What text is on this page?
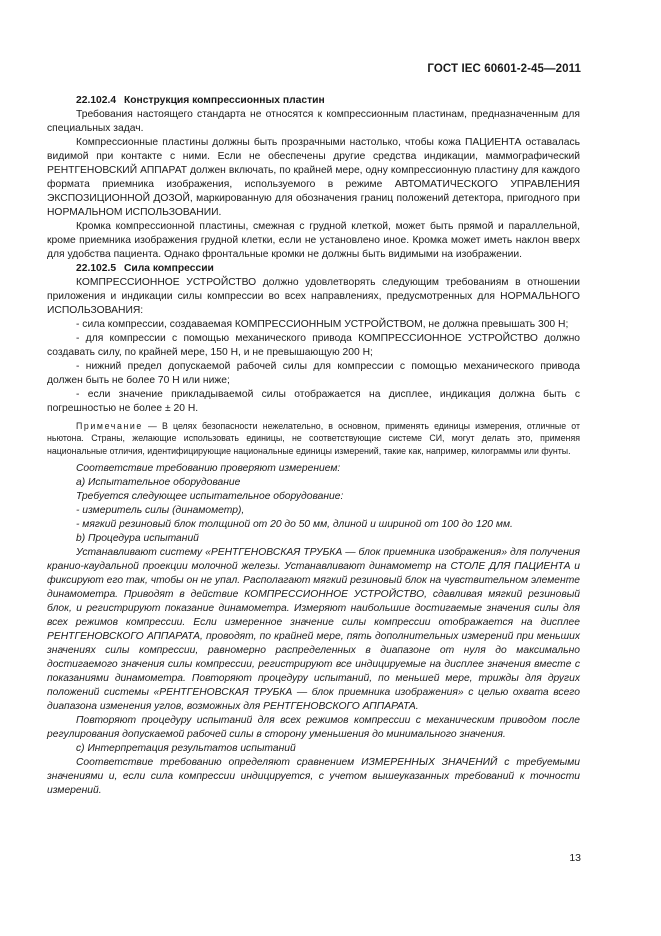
ГОСТ IEC 60601-2-45—2011

22.102.4 Конструкция компрессионных пластин

Требования настоящего стандарта не относятся к компрессионным пластинам, предназначенным для специальных задач.

Компрессионные пластины должны быть прозрачными настолько, чтобы кожа ПАЦИЕНТА оставалась видимой при контакте с ними. Если не обеспечены другие средства индикации, маммографический РЕНТГЕНОВСКИЙ АППАРАТ должен включать, по крайней мере, одну компрессионную пластину для каждого формата приемника изображения, используемого в режиме АВТОМАТИЧЕСКОГО УПРАВЛЕНИЯ ЭКСПОЗИЦИОННОЙ ДОЗОЙ, маркированную для обозначения границ положений детектора, пригодного при НОРМАЛЬНОМ ИСПОЛЬЗОВАНИИ.

Кромка компрессионной пластины, смежная с грудной клеткой, может быть прямой и параллельной, кроме приемника изображения грудной клетки, если не установлено иное. Кромка может иметь наклон вверх для удобства пациента. Однако фронтальные кромки не должны быть видимыми на изображении.

22.102.5 Сила компрессии

КОМПРЕССИОННОЕ УСТРОЙСТВО должно удовлетворять следующим требованиям в отношении приложения и индикации силы компрессии во всех направлениях, предусмотренных для НОРМАЛЬНОГО ИСПОЛЬЗОВАНИЯ:

- сила компрессии, создаваемая КОМПРЕССИОННЫМ УСТРОЙСТВОМ, не должна превышать 300 Н;

- для компрессии с помощью механического привода КОМПРЕССИОННОЕ УСТРОЙСТВО должно создавать силу, по крайней мере, 150 Н, и не превышающую 200 Н;

- нижний предел допускаемой рабочей силы для компрессии с помощью механического привода должен быть не более 70 Н или ниже;

- если значение прикладываемой силы отображается на дисплее, индикация должна быть с погрешностью не более ± 20 Н.

Примечание — В целях безопасности нежелательно, в основном, применять единицы измерения, отличные от ньютона. Страны, желающие использовать единицы, не соответствующие системе СИ, могут делать это, применяя национальные отличия, идентифицирующие национальные единицы измерений, такие как, например, килограммы или фунты.

Соответствие требованию проверяют измерением:

a) Испытательное оборудование

Требуется следующее испытательное оборудование:

- измеритель силы (динамометр),

- мягкий резиновый блок толщиной от 20 до 50 мм, длиной и шириной от 100 до 120 мм.

b) Процедура испытаний

Устанавливают систему «РЕНТГЕНОВСКАЯ ТРУБКА — блок приемника изображения» для получения кранио-каудальной проекции молочной железы. Устанавливают динамометр на СТОЛЕ ДЛЯ ПАЦИЕНТА и фиксируют его так, чтобы он не упал. Располагают мягкий резиновый блок на чувствительном элементе динамометра. Приводят в действие КОМПРЕССИОННОЕ УСТРОЙСТВО, сдавливая мягкий резиновый блок, и регистрируют показание динамометра. Измеряют наибольшие достигаемые значения силы для всех режимов компрессии. Если измеренное значение силы компрессии отображается на дисплее РЕНТГЕНОВСКОГО АППАРАТА, проводят, по крайней мере, пять дополнительных измерений при меньших значениях силы компрессии, равномерно распределенных в диапазоне от нуля до максимально достигаемого значения силы компрессии, регистрируют все индицируемые на дисплее значения вместе с показаниями динамометра. Повторяют процедуру испытаний, по меньшей мере, трижды для других положений системы «РЕНТГЕНОВСКАЯ ТРУБКА — блок приемника изображения» с целью охвата всего диапазона изменения углов, возможных для РЕНТГЕНОВСКОГО АППАРАТА.

Повторяют процедуру испытаний для всех режимов компрессии с механическим приводом после регулирования допускаемой рабочей силы в сторону уменьшения до минимального значения.

c) Интерпретация результатов испытаний

Соответствие требованию определяют сравнением ИЗМЕРЕННЫХ ЗНАЧЕНИЙ с требуемыми значениями и, если сила компрессии индицируется, с учетом вышеуказанных требований к точности измерений.

13
